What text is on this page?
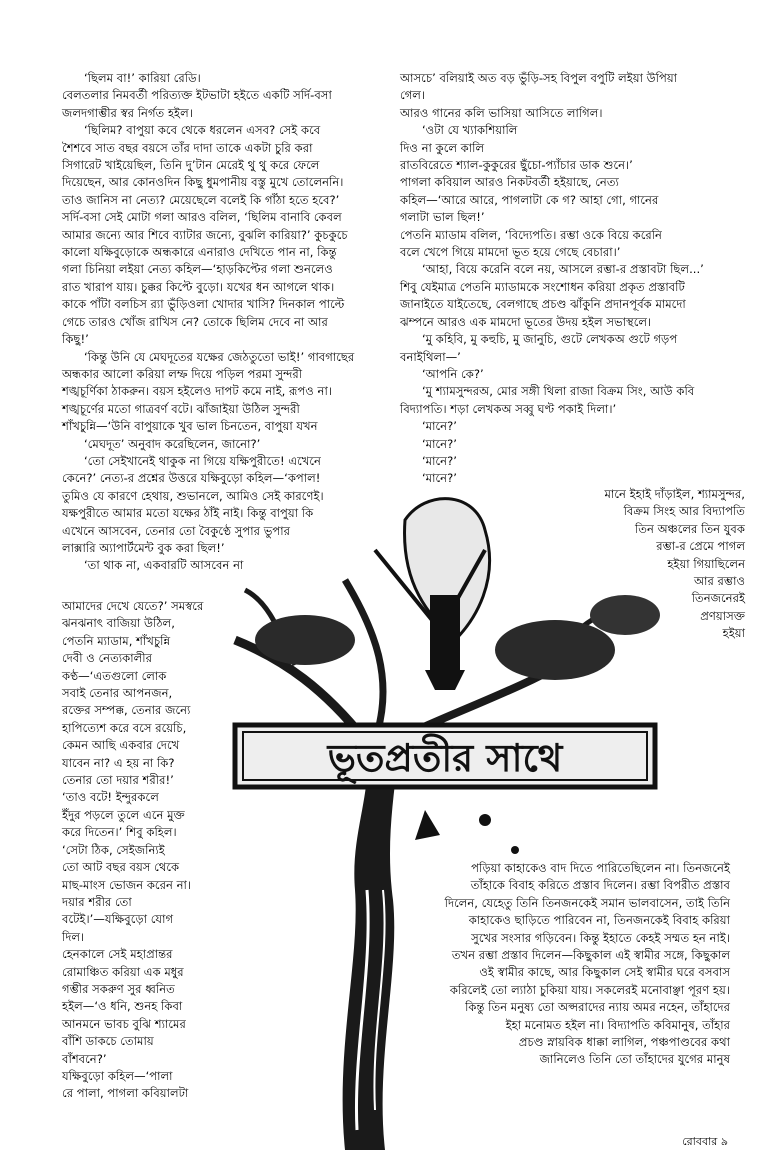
‘ছিলম বা!’ কারিয়া রেডি।

বেলতলার নিমবর্তী পরিত্যক্ত ইটভাটা হইতে একটি সর্দি-বসা

জলদগাম্ভীর স্বর নির্গত হইল।

‘ছিলিম? বাপুয়া কবে থেকে ধরলেন এসব? সেই কবে

শৈশবে সাত বছর বয়সে তাঁর দাদা তাকে একটা চুরি করা

সিগারেট খাইয়েছিল, তিনি দু’টান মেরেই থু থু করে ফেলে

দিয়েছেন, আর কোনওদিন কিছু ধুমপানীয় বস্তু মুখে তোলেননি।

তাও জানিস না নেত্য? মেয়েছেলে বলেই কি গাঁঠা হতে হবে?’

সর্দি-বসা সেই মোটা গলা আরও বলিল, ‘ছিলিম বানাবি কেবল

আমার জন্যে আর শিবে ব্যাটার জন্যে, বুঝলি কারিয়া?’ কুচকুচে

কালো যক্ষিবুড়োকে অন্ধকারে এনারাও দেখিতে পান না, কিন্তু

গলা চিনিয়া লইয়া নেত্য কহিল—‘হাড়কিপ্টের গলা শুনলেও

রাত খারাপ যায়। চুক্কর কিপ্টে বুড়ো। যখের ধন আগলে থাক।

কাকে পাঁটা বলচিস র‍্যা ভুঁড়িওলা খোদার খাসি? দিনকাল পাল্টে

গেচে তারও খোঁজ রাখিস নে? তোকে ছিলিম দেবে না আর

কিছু!’

‘কিন্তু উনি যে মেঘদূতের যক্ষের জেঠতুতো ভাই!’ গাবগাছের

অন্ধকার আলো করিয়া লম্ফ দিয়ে পড়িল পরমা সুন্দরী

শঙ্খচূর্ণিকা ঠাকরুন। বয়স হইলেও দাপট কমে নাই, রূপও না।

শঙ্খচূর্ণের মতো গাত্রবর্ণ বটে। ঝাঁজাইয়া উঠিল সুন্দরী

শাঁখচুন্নি—‘উনি বাপুয়াকে খুব ভাল চিনতেন, বাপুয়া যখন

‘মেঘদূত’ অনুবাদ করেছিলেন, জানো?’

‘তো সেইখানেই থাকুক না গিয়ে যক্ষিপুরীতে! এখেনে

কেনে?’ নেত্য-র প্রশ্নের উত্তরে যক্ষিবুড়ো কহিল—‘কপাল!

তুমিও যে কারণে হেথায়, শুভানলে, আমিও সেই কারণেই।

যক্ষপুরীতে আমার মতো যক্ষের ঠাঁই নাই। কিন্তু বাপুয়া কি

এখেনে আসবেন, তেনার তো বৈকুণ্ঠে সুপার ভুপার

লাক্সারি অ্যাপার্টমেন্ট বুক করা ছিল!’

‘তা থাক না, একবারটি আসবেন না

আসচে’ বলিয়াই অত বড় ভুঁড়ি-সহ বিপুল বপুটি লইয়া উপিয়া

গেল।

আরও গানের কলি ভাসিয়া আসিতে লাগিল।

‘ওটা যে খ্যাকশিয়ালি

দিও না কুলে কালি

রাতবিরেতে শ্যাল-কুকুরের ছুঁচো-প্যাঁচার ডাক শুনে।’

পাগলা কবিয়াল আরও নিকটবর্তী হইয়াছে, নেত্য

কহিল—‘আরে আরে, পাগলাটা কে গ? আহা গো, গানের

গলাটা ভাল ছিল!’

পেতনি ম্যাডাম বলিল, ‘বিদ্যেপতি। রম্ভা ওকে বিয়ে করেনি

বলে খেপে গিয়ে মামদো ভূত হয়ে গেছে বেচারা।’

‘আহা, বিয়ে করেনি বলে নয়, আসলে রম্ভা-র প্রস্তাবটা ছিল...’

শিবু যেইমাত্র পেতনি ম্যাডামকে সংশোধন করিয়া প্রকৃত প্রস্তাবটি

জানাইতে যাইতেছে, বেলগাছে প্রচণ্ড ঝাঁকুনি প্রদানপূর্বক মামদো

ঝম্পনে আরও এক মামদো ভূতের উদয় হইল সভাস্থলে।

‘মু কহিবি, মু কহুচি, মু জানুচি, গুটে লেখকঅ গুটে গড়প

বনাইথিলা—’

‘আপনি কে?’

‘মু শ্যামসুন্দরঅ, মোর সঙ্গী থিলা রাজা বিক্রম সিং, আউ কবি

বিদ্যাপতি। শড়া লেখকঅ সব্বু ঘণ্ট পকাই দিলা।’

‘মানে?’

‘মানে?’

‘মানে?’

‘মানে?’

মানে ইহাই দাঁড়াইল, শ্যামসুন্দর,

বিক্রম সিংহ আর বিদ্যাপতি

তিন অঞ্চলের তিন যুবক

রম্ভা-র প্রেমে পাগল

হইয়া গিয়াছিলেন

আর রম্ভাও

তিনজনেরই

প্রণয়াসক্ত

হইয়া

আমাদের দেখে যেতে?’ সমস্বরে

ঝনঝনাৎ বাজিয়া উঠিল,

পেতনি ম্যাডাম, শাঁখচুন্নি

দেবী ও নেত্যকালীর

কণ্ঠ—‘এতগুলো লোক

সবাই তেনার আপনজন,

রক্তের সম্পক্ক, তেনার জন্যে

হাপিত্যেশ করে বসে রয়েচি,

কেমন আছি একবার দেখে

যাবেন না? এ হয় না কি?

তেনার তো দয়ার শরীর!’

‘তাও বটে! ইন্দুরকলে

ইঁদুর পড়লে তুলে এনে মুক্ত

করে দিতেন।’ শিবু কহিল।

‘সেটা ঠিক, সেইজন্যিই

তো আট বছর বয়স থেকে

মাছ-মাংস ভোজন করেন না।

দয়ার শরীর তো

বটেই।’—যক্ষিবুড়ো যোগ

দিল।

হেনকালে সেই মহাপ্রান্তর

রোমাঞ্চিত করিয়া এক মধুর

গম্ভীর সকরুণ সুর ধ্বনিত

হইল—‘ও ধনি, শুনহ কিবা

আনমনে ভাবচ বুঝি শ্যামের

বাঁশি ডাকচে তোমায়

বাঁশবনে?’

যক্ষিবুড়ো কহিল—‘পালা

রে পালা, পাগলা কবিয়ালটা

পড়িয়া কাহাকেও বাদ দিতে পারিতেছিলেন না। তিনজনেই

তাঁহাকে বিবাহ করিতে প্রস্তাব দিলেন। রম্ভা বিপরীত প্রস্তাব

দিলেন, যেহেতু তিনি তিনজনকেই সমান ভালবাসেন, তাই তিনি

কাহাকেও ছাড়িতে পারিবেন না, তিনজনকেই বিবাহ করিয়া

সুখের সংসার গড়িবেন। কিন্তু ইহাতে কেহই সম্মত হন নাই।

তখন রম্ভা প্রস্তাব দিলেন—কিছুকাল এই স্বামীর সঙ্গে, কিছুকাল

ওই স্বামীর কাছে, আর কিছুকাল সেই স্বামীর ঘরে বসবাস

করিলেই তো ল্যাঠা চুকিয়া যায়। সকলেরই মনোবাঞ্ছা পূরণ হয়।

কিন্তু তিন মনুষ্য তো অপ্সরাদের ন্যায় অমর নহেন, তাঁহাদের

ইহা মনোমত হইল না। বিদ্যাপতি কবিমানুষ, তাঁহার

প্রচণ্ড স্নায়বিক ধাক্কা লাগিল, পঞ্চপাণ্ডবের কথা

জানিলেও তিনি তো তাঁহাদের যুগের মানুষ

ভূতপ্রতীর সাথে
রোববার ৯
